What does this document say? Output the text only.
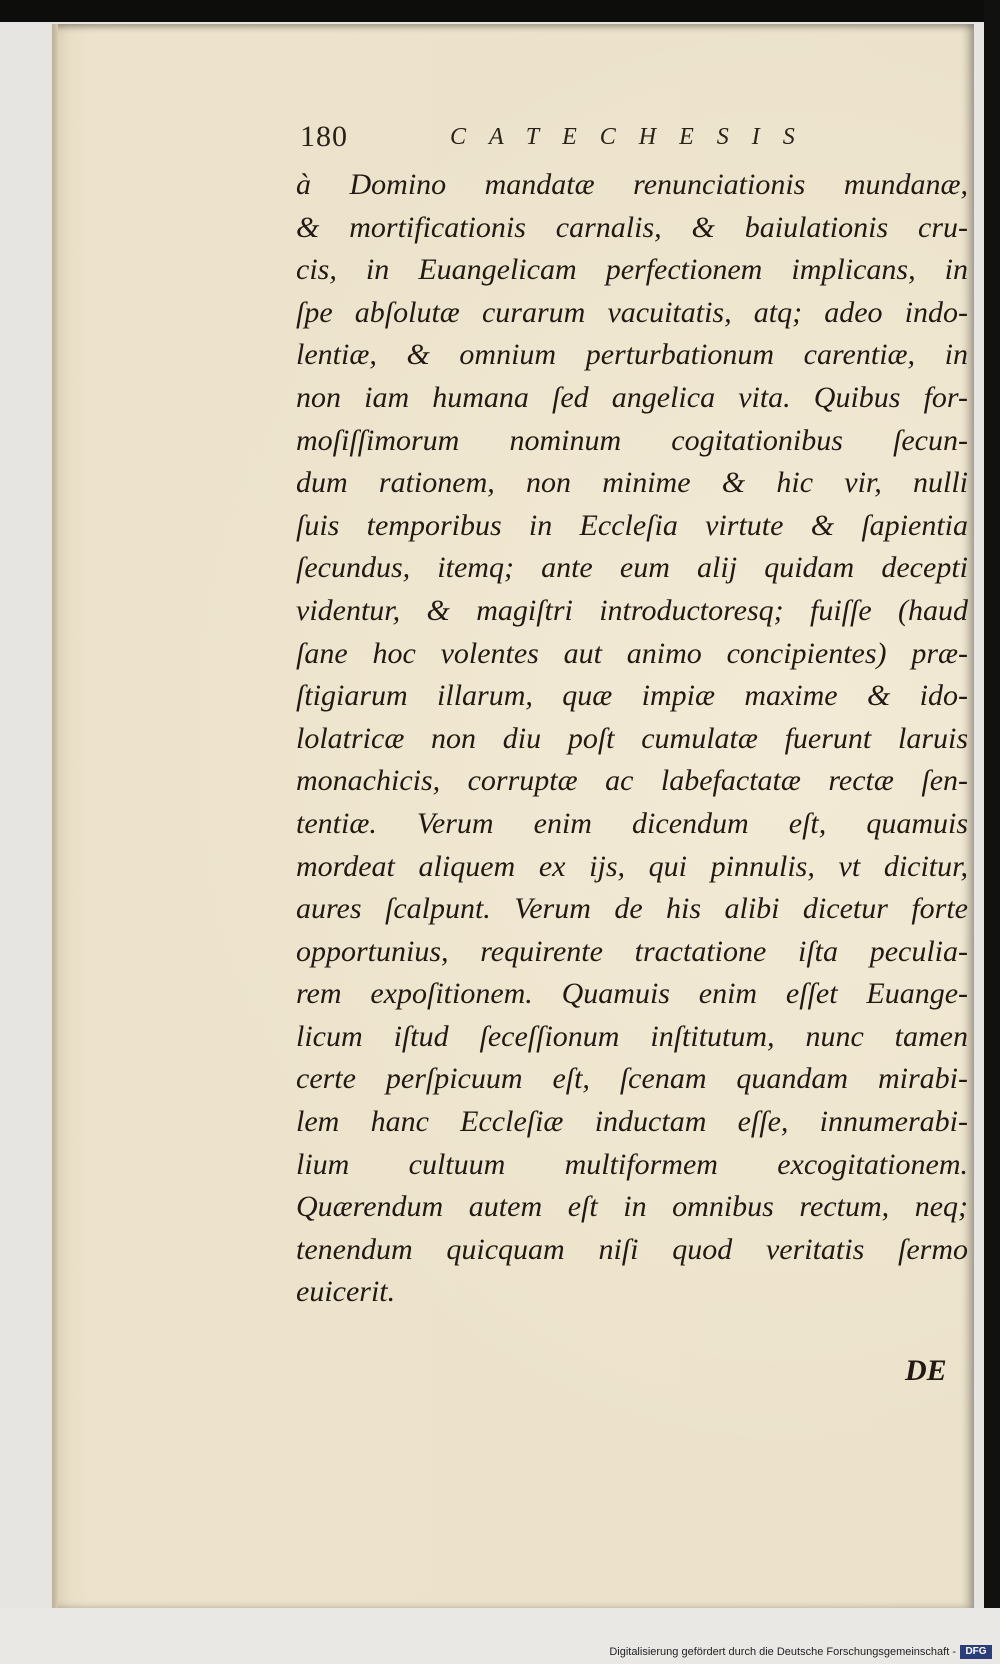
180	CATECHESIS
à Domino mandatæ renunciationis mundanæ,
& mortificationis carnalis, & baiulationis cru-
cis, in Euangelicam perfectionem implicans, in
ſpe abſolutæ curarum vacuitatis, atq; adeo indo-
lentiæ, & omnium perturbationum carentiæ, in
non iam humana ſed angelica vita. Quibus for-
moſiſſimorum nominum cogitationibus ſecun-
dum rationem, non minime & hic vir, nulli
ſuis temporibus in Eccleſia virtute & ſapientia
ſecundus, itemq; ante eum alij quidam decepti
videntur, & magiſtri introductoresq; fuiſſe (haud
ſane hoc volentes aut animo concipientes) præ-
ſtigiarum illarum, quæ impiæ maxime & ido-
lolatricæ non diu poſt cumulatæ fuerunt laruis
monachicis, corruptæ ac labefactatæ rectæ ſen-
tentiæ. Verum enim dicendum eſt, quamuis
mordeat aliquem ex ijs, qui pinnulis, vt dicitur,
aures ſcalpunt. Verum de his alibi dicetur forte
opportunius, requirente tractatione iſta peculia-
rem expoſitionem. Quamuis enim eſſet Euange-
licum iſtud ſeceſſionum inſtitutum, nunc tamen
certe perſpicuum eſt, ſcenam quandam mirabi-
lem hanc Eccleſiæ inductam eſſe, innumerabi-
lium cultuum multiformem excogitationem.
Quærendum autem eſt in omnibus rectum, neq;
tenendum quicquam niſi quod veritatis ſermo
euicerit.
DE
Digitalisierung gefördert durch die Deutsche Forschungsgemeinschaft - DFG
